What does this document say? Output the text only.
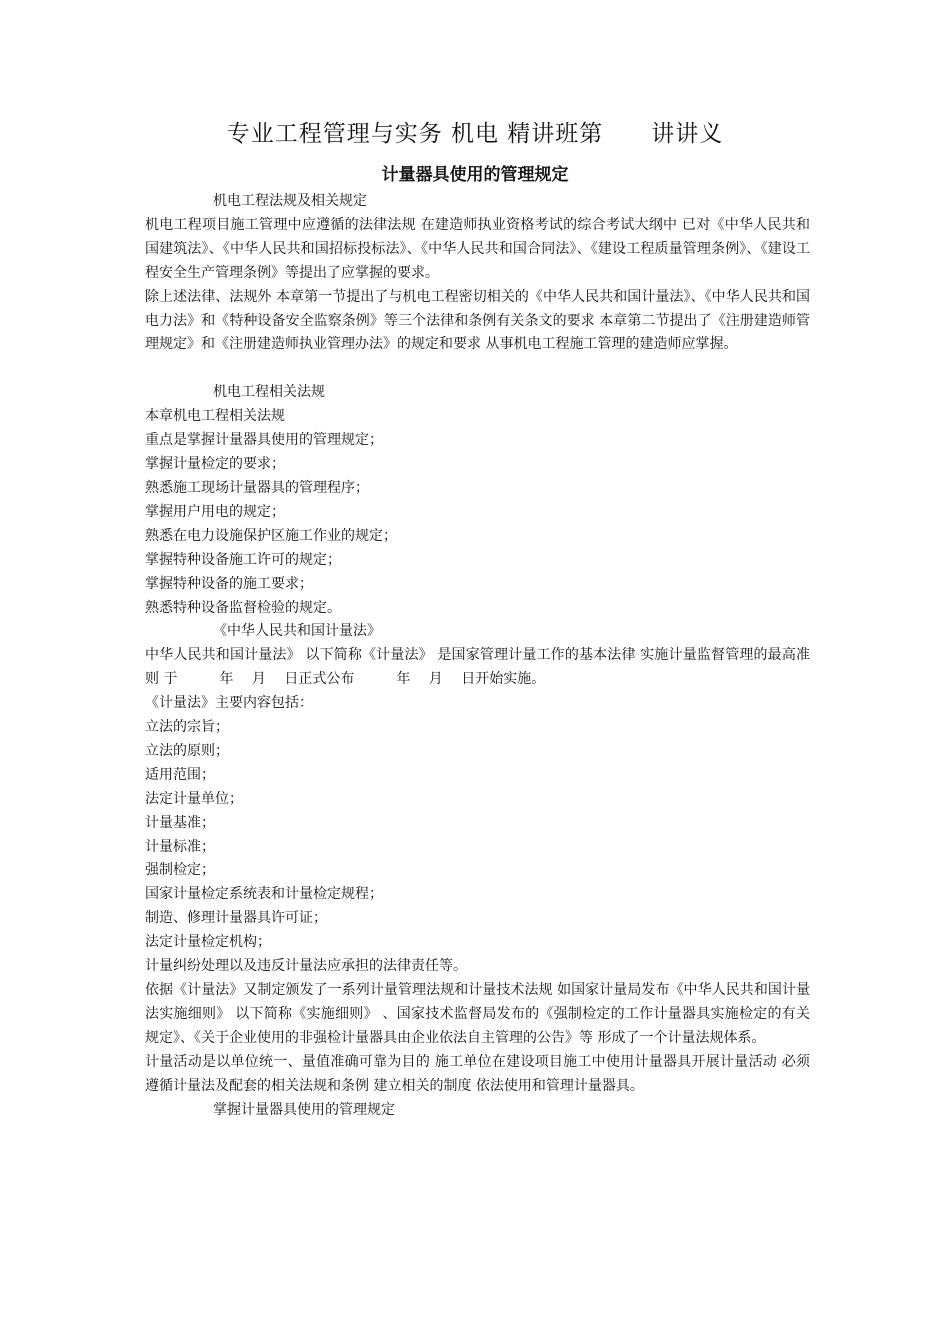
专业工程管理与实务 机电 精讲班第　　讲讲义
计量器具使用的管理规定

机电工程法规及相关规定

机电工程项目施工管理中应遵循的法律法规 在建造师执业资格考试的综合考试大纲中 已对《中华人民共和国建筑法》、《中华人民共和国招标投标法》、《中华人民共和国合同法》、《建设工程质量管理条例》、《建设工程安全生产管理条例》等提出了应掌握的要求。

除上述法律、法规外 本章第一节提出了与机电工程密切相关的《中华人民共和国计量法》、《中华人民共和国电力法》和《特种设备安全监察条例》等三个法律和条例有关条文的要求 本章第二节提出了《注册建造师管理规定》和《注册建造师执业管理办法》的规定和要求 从事机电工程施工管理的建造师应掌握。

机电工程相关法规

本章机电工程相关法规

重点是掌握计量器具使用的管理规定；

掌握计量检定的要求；

熟悉施工现场计量器具的管理程序；

掌握用户用电的规定；

熟悉在电力设施保护区施工作业的规定；

掌握特种设备施工许可的规定；

掌握特种设备的施工要求；

熟悉特种设备监督检验的规定。

《中华人民共和国计量法》

中华人民共和国计量法》 以下简称《计量法》 是国家管理计量工作的基本法律 实施计量监督管理的最高准则 于　　　年　 月　 日正式公布　　　年　 月　 日开始实施。

《计量法》主要内容包括：

立法的宗旨；

立法的原则；

适用范围；

法定计量单位；

计量基准；

计量标准；

强制检定；

国家计量检定系统表和计量检定规程；

制造、修理计量器具许可证；

法定计量检定机构；

计量纠纷处理以及违反计量法应承担的法律责任等。

依据《计量法》又制定颁发了一系列计量管理法规和计量技术法规 如国家计量局发布《中华人民共和国计量法实施细则》 以下简称《实施细则》 、国家技术监督局发布的《强制检定的工作计量器具实施检定的有关规定》、《关于企业使用的非强检计量器具由企业依法自主管理的公告》等 形成了一个计量法规体系。

计量活动是以单位统一、量值准确可靠为目的 施工单位在建设项目施工中使用计量器具开展计量活动 必须遵循计量法及配套的相关法规和条例 建立相关的制度 依法使用和管理计量器具。

掌握计量器具使用的管理规定
